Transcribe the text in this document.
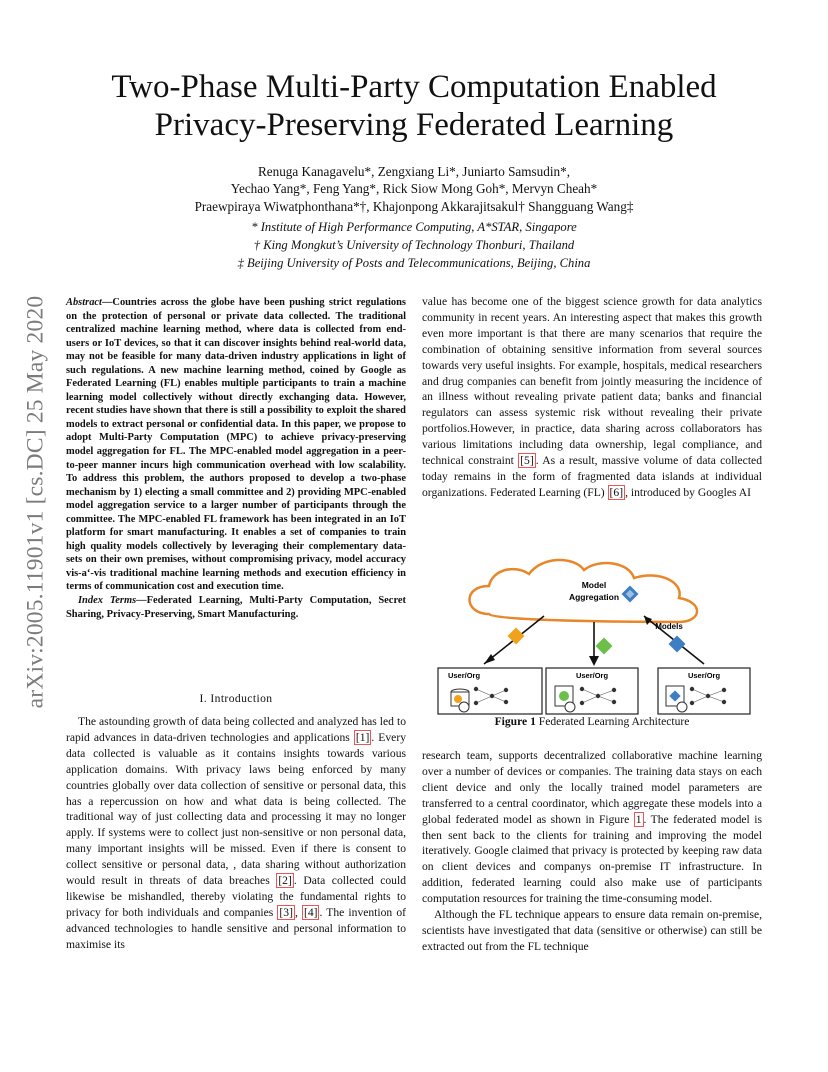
arXiv:2005.11901v1 [cs.DC] 25 May 2020
Two-Phase Multi-Party Computation Enabled
Privacy-Preserving Federated Learning
Renuga Kanagavelu*, Zengxiang Li*, Juniarto Samsudin*,
Yechao Yang*, Feng Yang*, Rick Siow Mong Goh*, Mervyn Cheah*
Praewpiraya Wiwatphonthana*†, Khajonpong Akkarajitsakul† Shangguang Wang‡
* Institute of High Performance Computing, A*STAR, Singapore
† King Mongkut’s University of Technology Thonburi, Thailand
‡ Beijing University of Posts and Telecommunications, Beijing, China

Abstract—Countries across the globe have been pushing strict regulations on the protection of personal or private data collected. The traditional centralized machine learning method, where data is collected from end-users or IoT devices, so that it can discover insights behind real-world data, may not be feasible for many data-driven industry applications in light of such regulations. A new machine learning method, coined by Google as Federated Learning (FL) enables multiple participants to train a machine learning model collectively without directly exchanging data. However, recent studies have shown that there is still a possibility to exploit the shared models to extract personal or confidential data. In this paper, we propose to adopt Multi-Party Computation (MPC) to achieve privacy-preserving model aggregation for FL. The MPC-enabled model aggregation in a peer-to-peer manner incurs high communication overhead with low scalability. To address this problem, the authors proposed to develop a two-phase mechanism by 1) electing a small committee and 2) providing MPC-enabled model aggregation service to a larger number of participants through the committee. The MPC-enabled FL framework has been integrated in an IoT platform for smart manufacturing. It enables a set of companies to train high quality models collectively by leveraging their complementary data-sets on their own premises, without compromising privacy, model accuracy vis-a‘-vis traditional machine learning methods and execution efficiency in terms of communication cost and execution time.

Index Terms—Federated Learning, Multi-Party Computation, Secret Sharing, Privacy-Preserving, Smart Manufacturing.

I. Introduction

The astounding growth of data being collected and analyzed has led to rapid advances in data-driven technologies and applications [1] . Every data collected is valuable as it contains insights towards various application domains. With privacy laws being enforced by many countries globally over data collection of sensitive or personal data, this has a repercussion on how and what data is being collected. The traditional way of just collecting data and processing it may no longer apply. If systems were to collect just non-sensitive or non personal data, many important insights will be missed. Even if there is consent to collect sensitive or personal data, , data sharing without authorization would result in threats of data breaches [2] . Data collected could likewise be mishandled, thereby violating the fundamental rights to privacy for both individuals and companies [3] , [4] . The invention of advanced technologies to handle sensitive and personal information to maximise its

value has become one of the biggest science growth for data analytics community in recent years. An interesting aspect that makes this growth even more important is that there are many scenarios that require the combination of obtaining sensitive information from several sources towards very useful insights. For example, hospitals, medical researchers and drug companies can benefit from jointly measuring the incidence of an illness without revealing private patient data; banks and financial regulators can assess systemic risk without revealing their private portfolios.However, in practice, data sharing across collaborators has various limitations including data ownership, legal compliance, and technical constraint [5] . As a result, massive volume of data collected today remains in the form of fragmented data islands at individual organizations. Federated Learning (FL) [6] , introduced by Googles AI

Model
Aggregation
Models
User/Org	User/Org	User/Org
Figure 1 Federated Learning Architecture

research team, supports decentralized collaborative machine learning over a number of devices or companies. The training data stays on each client device and only the locally trained model parameters are transferred to a central coordinator, which aggregate these models into a global federated model as shown in Figure 1 . The federated model is then sent back to the clients for training and improving the model iteratively. Google claimed that privacy is protected by keeping raw data on client devices and companys on-premise IT infrastructure. In addition, federated learning could also make use of participants computation resources for training the time-consuming model.

Although the FL technique appears to ensure data remain on-premise, scientists have investigated that data (sensitive or otherwise) can still be extracted out from the FL technique
